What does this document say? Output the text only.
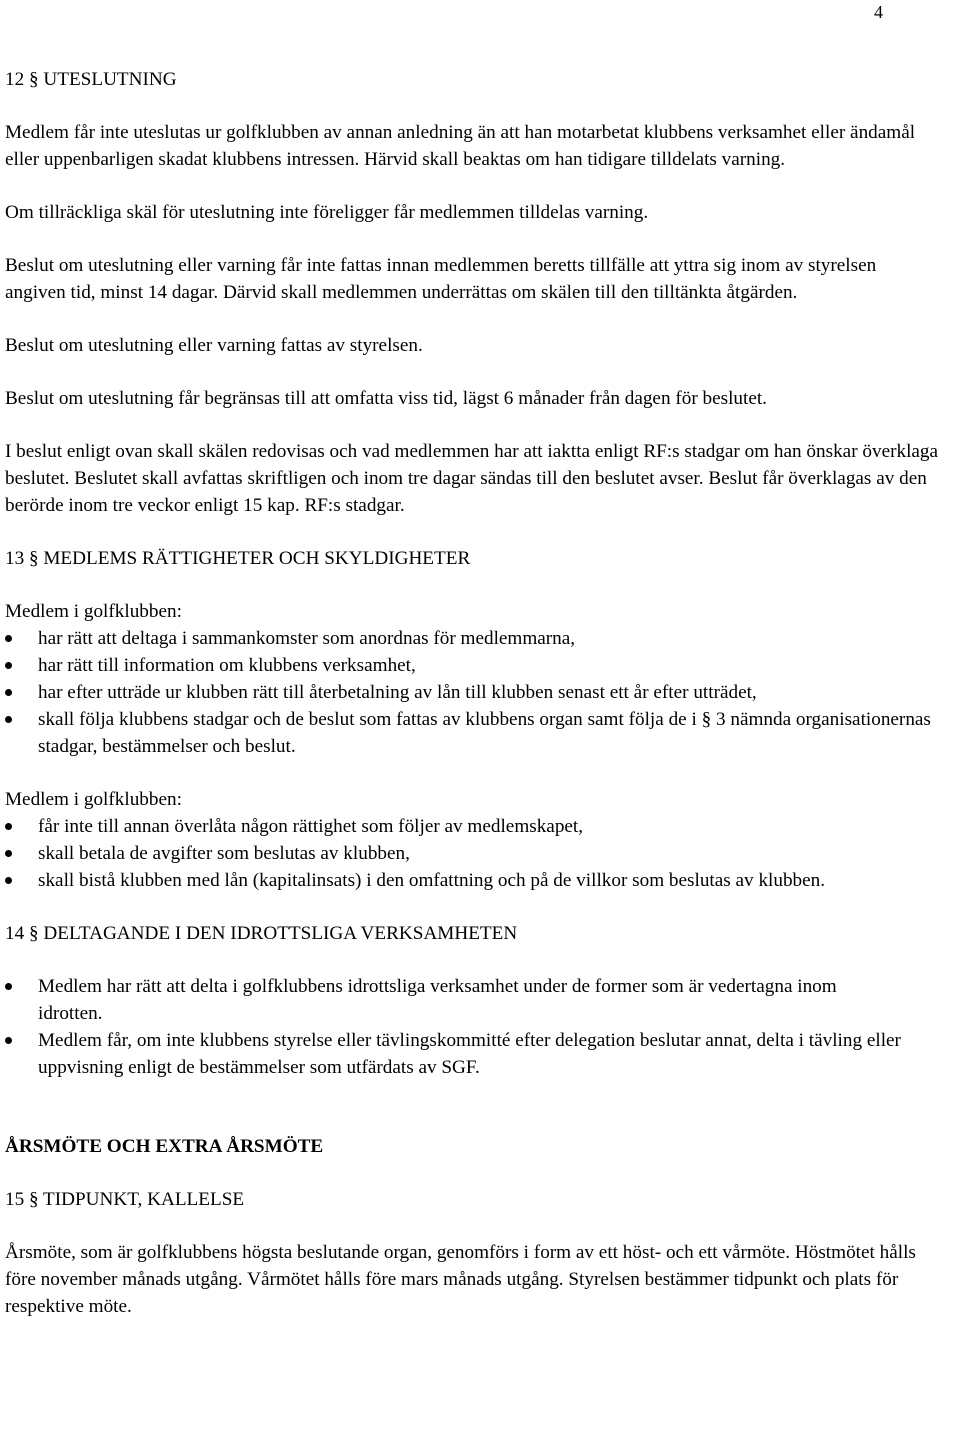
4
12 § UTESLUTNING

Medlem får inte uteslutas ur golfklubben av annan anledning än att han motarbetat klubbens verksamhet eller ändamål eller uppenbarligen skadat klubbens intressen. Härvid skall beaktas om han tidigare tilldelats varning.

Om tillräckliga skäl för uteslutning inte föreligger får medlemmen tilldelas varning.

Beslut om uteslutning eller varning får inte fattas innan medlemmen beretts tillfälle att yttra sig inom av styrelsen angiven tid, minst 14 dagar. Därvid skall medlemmen underrättas om skälen till den tilltänkta åtgärden.

Beslut om uteslutning eller varning fattas av styrelsen.

Beslut om uteslutning får begränsas till att omfatta viss tid, lägst 6 månader från dagen för beslutet.

I beslut enligt ovan skall skälen redovisas och vad medlemmen har att iaktta enligt RF:s stadgar om han önskar överklaga beslutet. Beslutet skall avfattas skriftligen och inom tre dagar sändas till den beslutet avser. Beslut får överklagas av den berörde inom tre veckor enligt 15 kap. RF:s stadgar.

13 § MEDLEMS RÄTTIGHETER OCH SKYLDIGHETER

Medlem i golfklubben:

har rätt att deltaga i sammankomster som anordnas för medlemmarna,
har rätt till information om klubbens verksamhet,
har efter utträde ur klubben rätt till återbetalning av lån till klubben senast ett år efter utträdet,
skall följa klubbens stadgar och de beslut som fattas av klubbens organ samt följa de i § 3 nämnda organisationernas stadgar, bestämmelser och beslut.

Medlem i golfklubben:

får inte till annan överlåta någon rättighet som följer av medlemskapet,
skall betala de avgifter som beslutas av klubben,
skall bistå klubben med lån (kapitalinsats) i den omfattning och på de villkor som beslutas av klubben.
14 § DELTAGANDE I DEN IDROTTSLIGA VERKSAMHETEN
Medlem har rätt att delta i golfklubbens idrottsliga verksamhet under de former som är vedertagna inom idrotten.
Medlem får, om inte klubbens styrelse eller tävlingskommitté efter delegation beslutar annat, delta i tävling eller uppvisning enligt de bestämmelser som utfärdats av SGF.
ÅRSMÖTE OCH EXTRA ÅRSMÖTE
15 § TIDPUNKT, KALLELSE

Årsmöte, som är golfklubbens högsta beslutande organ, genomförs i form av ett höst- och ett vårmöte. Höstmötet hålls före november månads utgång. Vårmötet hålls före mars månads utgång. Styrelsen bestämmer tidpunkt och plats för respektive möte.
